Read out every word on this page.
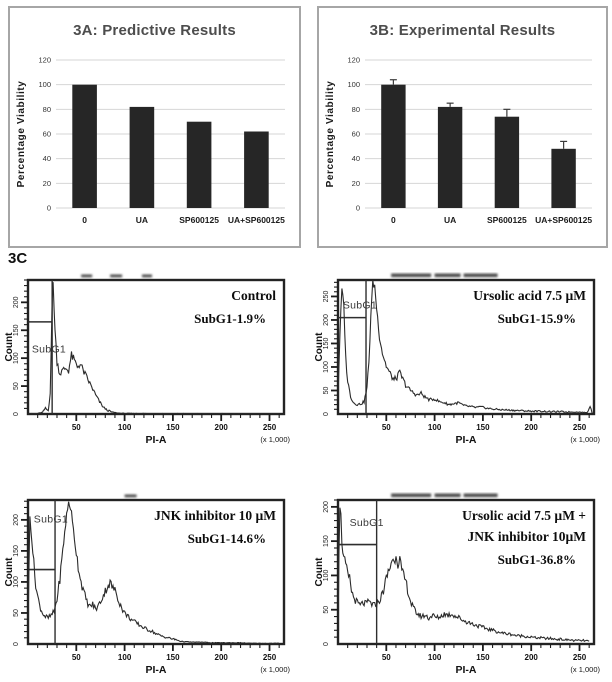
3A: Predictive Results
0
20
40
60
80
100
120
0	UA	SP600125 UA+SP600125
Percentage Viability
3B: Experimental Results
0
20
40
60
80
100
120
0	UA	SP600125 UA+SP600125
Percentage Viability
3C
50	100	150	200	250
0
50
100
150
200
SubG1
Control
SubG1-1.9%
Count
PI-A	(x 1,000)
50	100	150	200	250
0
50
100
150
200
250
SubG1
Ursolic acid 7.5 µM
SubG1-15.9%
Count
PI-A	(x 1,000)
50	100	150	200	250
0
50
100
150
200 SubG1	JNK inhibitor 10 µM
SubG1-14.6%
Count
PI-A	(x 1,000)
50	100	150	200	250
0
50
100
150
200
SubG1
Ursolic acid 7.5 µM +
JNK inhibitor 10µM
SubG1-36.8%
Count
PI-A	(x 1,000)
